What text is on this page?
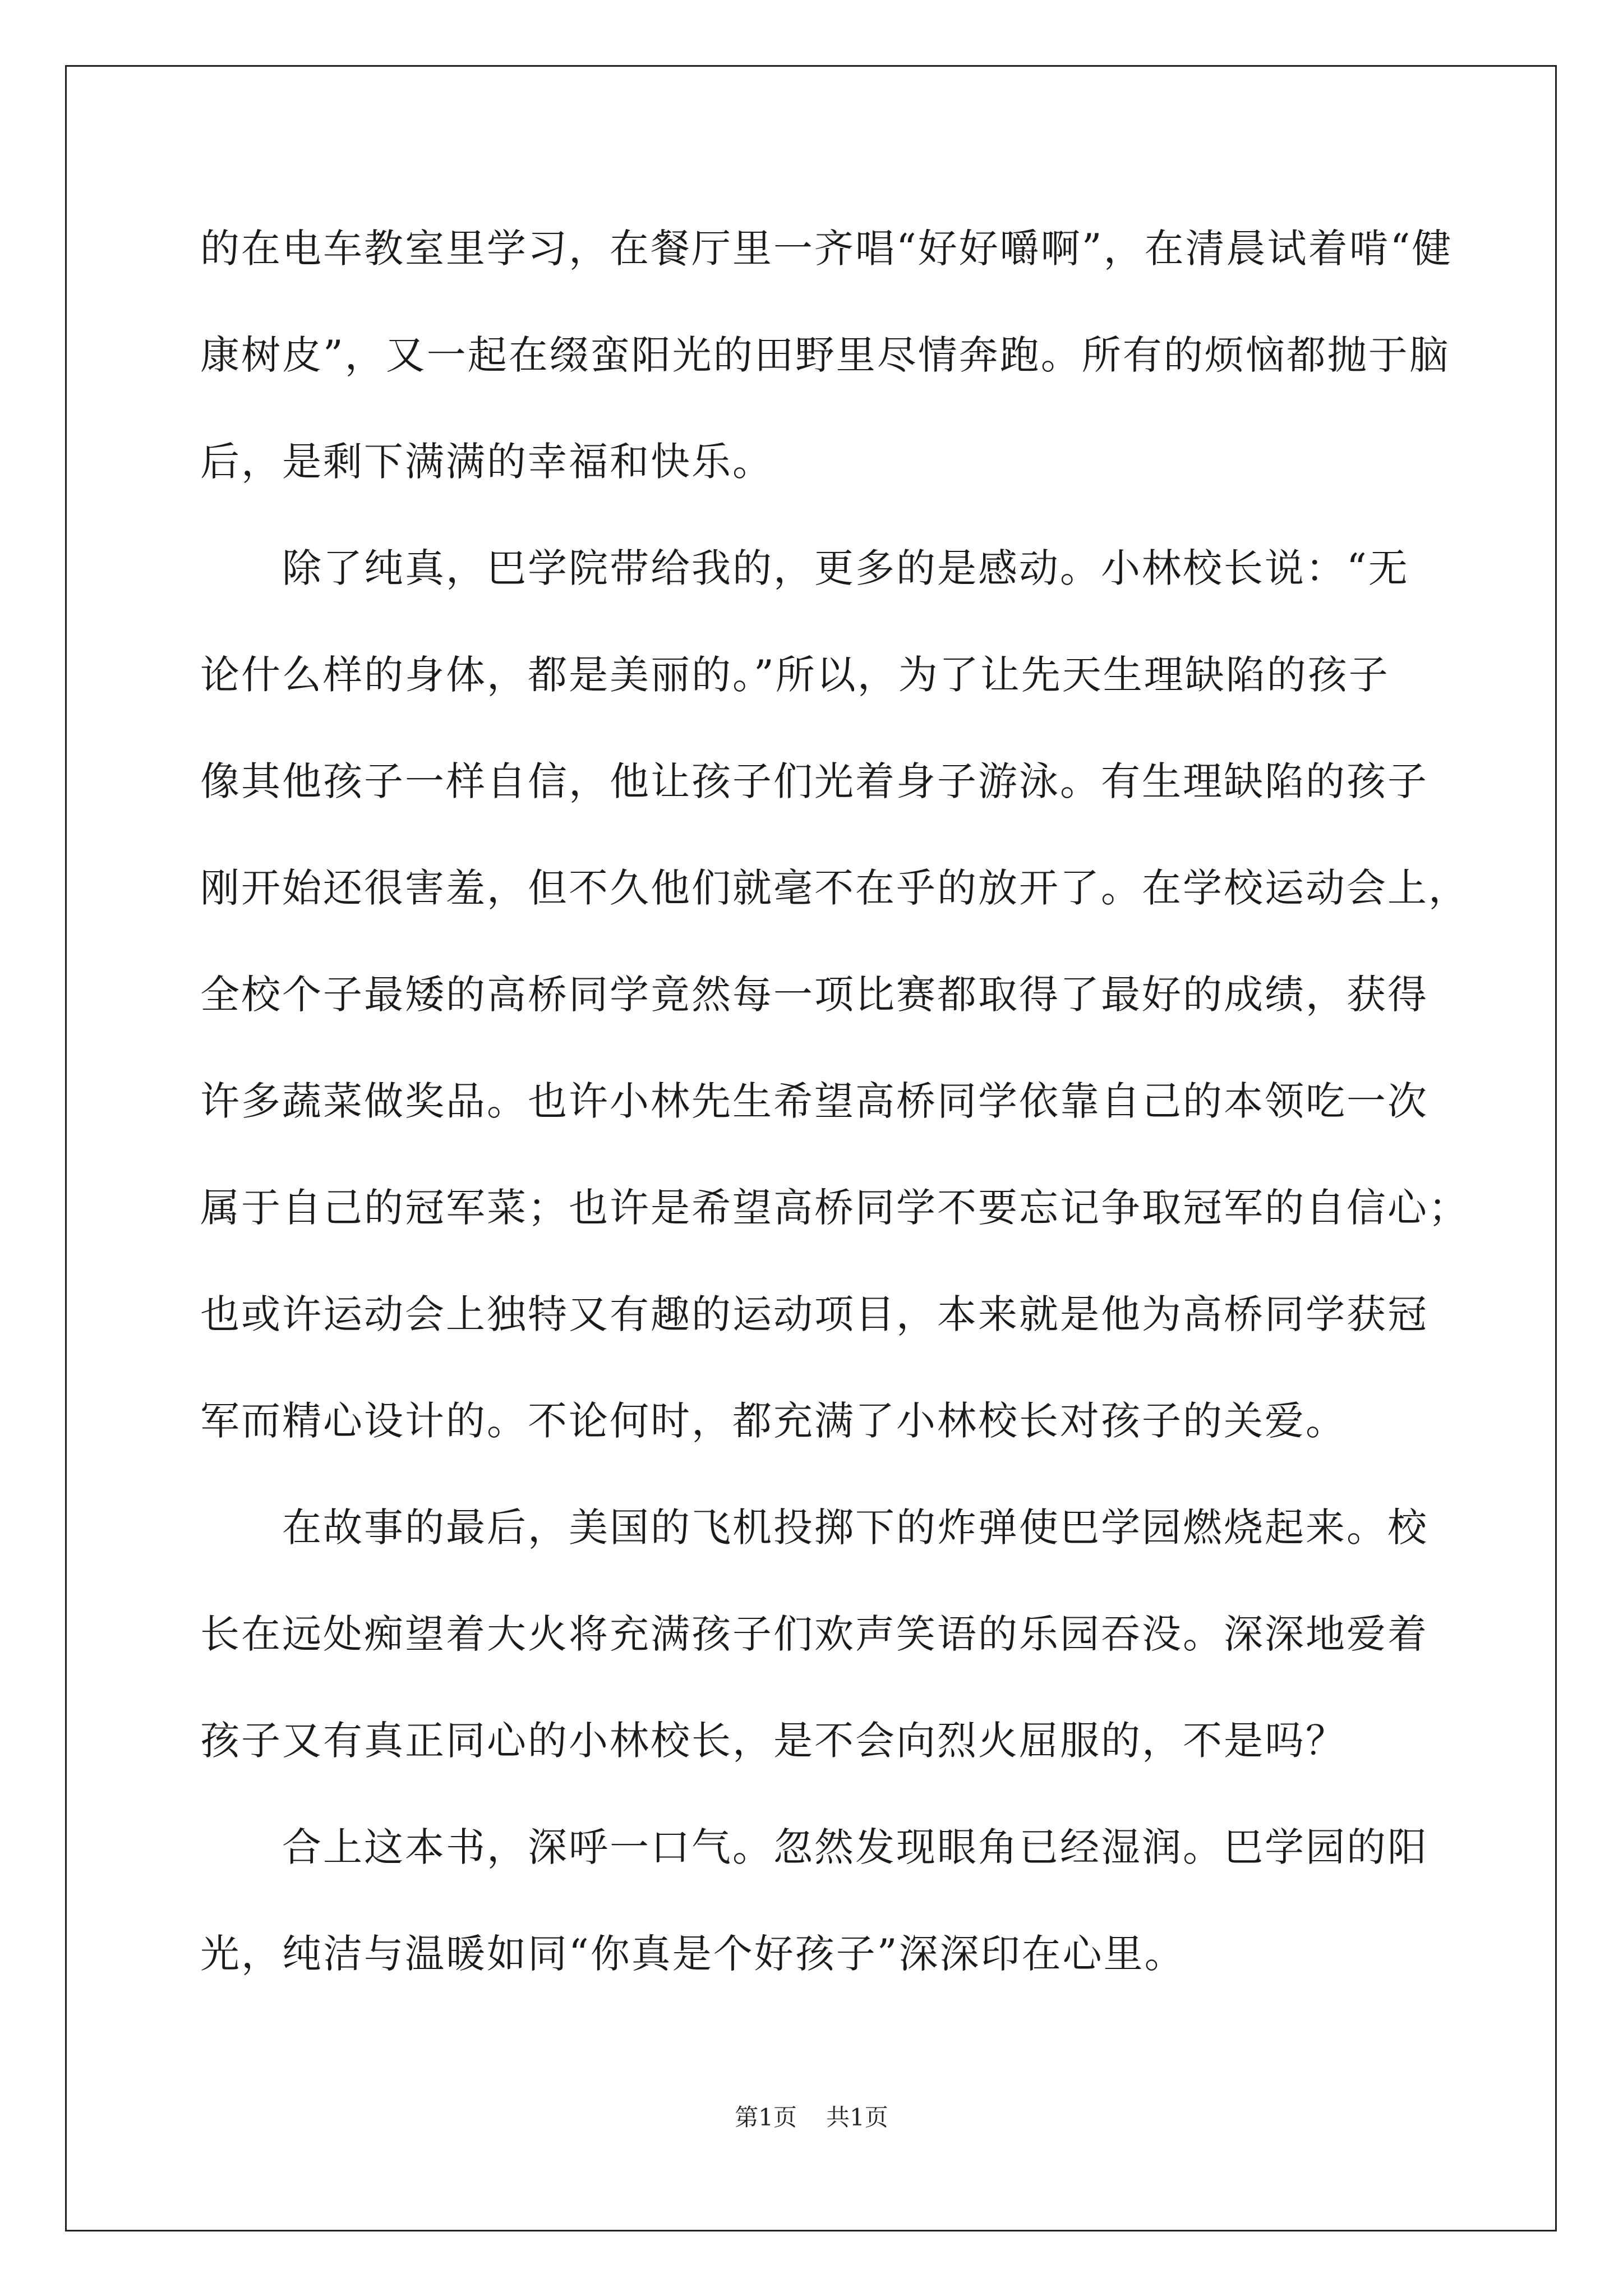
的在电车教室里学习，在餐厅里一齐唱“好好嚼啊”，在清晨试着啃“健
康树皮”，又一起在缀蛮阳光的田野里尽情奔跑。所有的烦恼都抛于脑
后，是剩下满满的幸福和快乐。
除了纯真，巴学院带给我的，更多的是感动。小林校长说：“无
论什么样的身体，都是美丽的。”所以，为了让先天生理缺陷的孩子
像其他孩子一样自信，他让孩子们光着身子游泳。有生理缺陷的孩子
刚开始还很害羞，但不久他们就毫不在乎的放开了。在学校运动会上，
全校个子最矮的高桥同学竟然每一项比赛都取得了最好的成绩，获得
许多蔬菜做奖品。也许小林先生希望高桥同学依靠自己的本领吃一次
属于自己的冠军菜；也许是希望高桥同学不要忘记争取冠军的自信心；
也或许运动会上独特又有趣的运动项目，本来就是他为高桥同学获冠
军而精心设计的。不论何时，都充满了小林校长对孩子的关爱。
在故事的最后，美国的飞机投掷下的炸弹使巴学园燃烧起来。校
长在远处痴望着大火将充满孩子们欢声笑语的乐园吞没。深深地爱着
孩子又有真正同心的小林校长，是不会向烈火屈服的，不是吗？
合上这本书，深呼一口气。忽然发现眼角已经湿润。巴学园的阳
光，纯洁与温暖如同“你真是个好孩子”深深印在心里。
第1页 共1页
